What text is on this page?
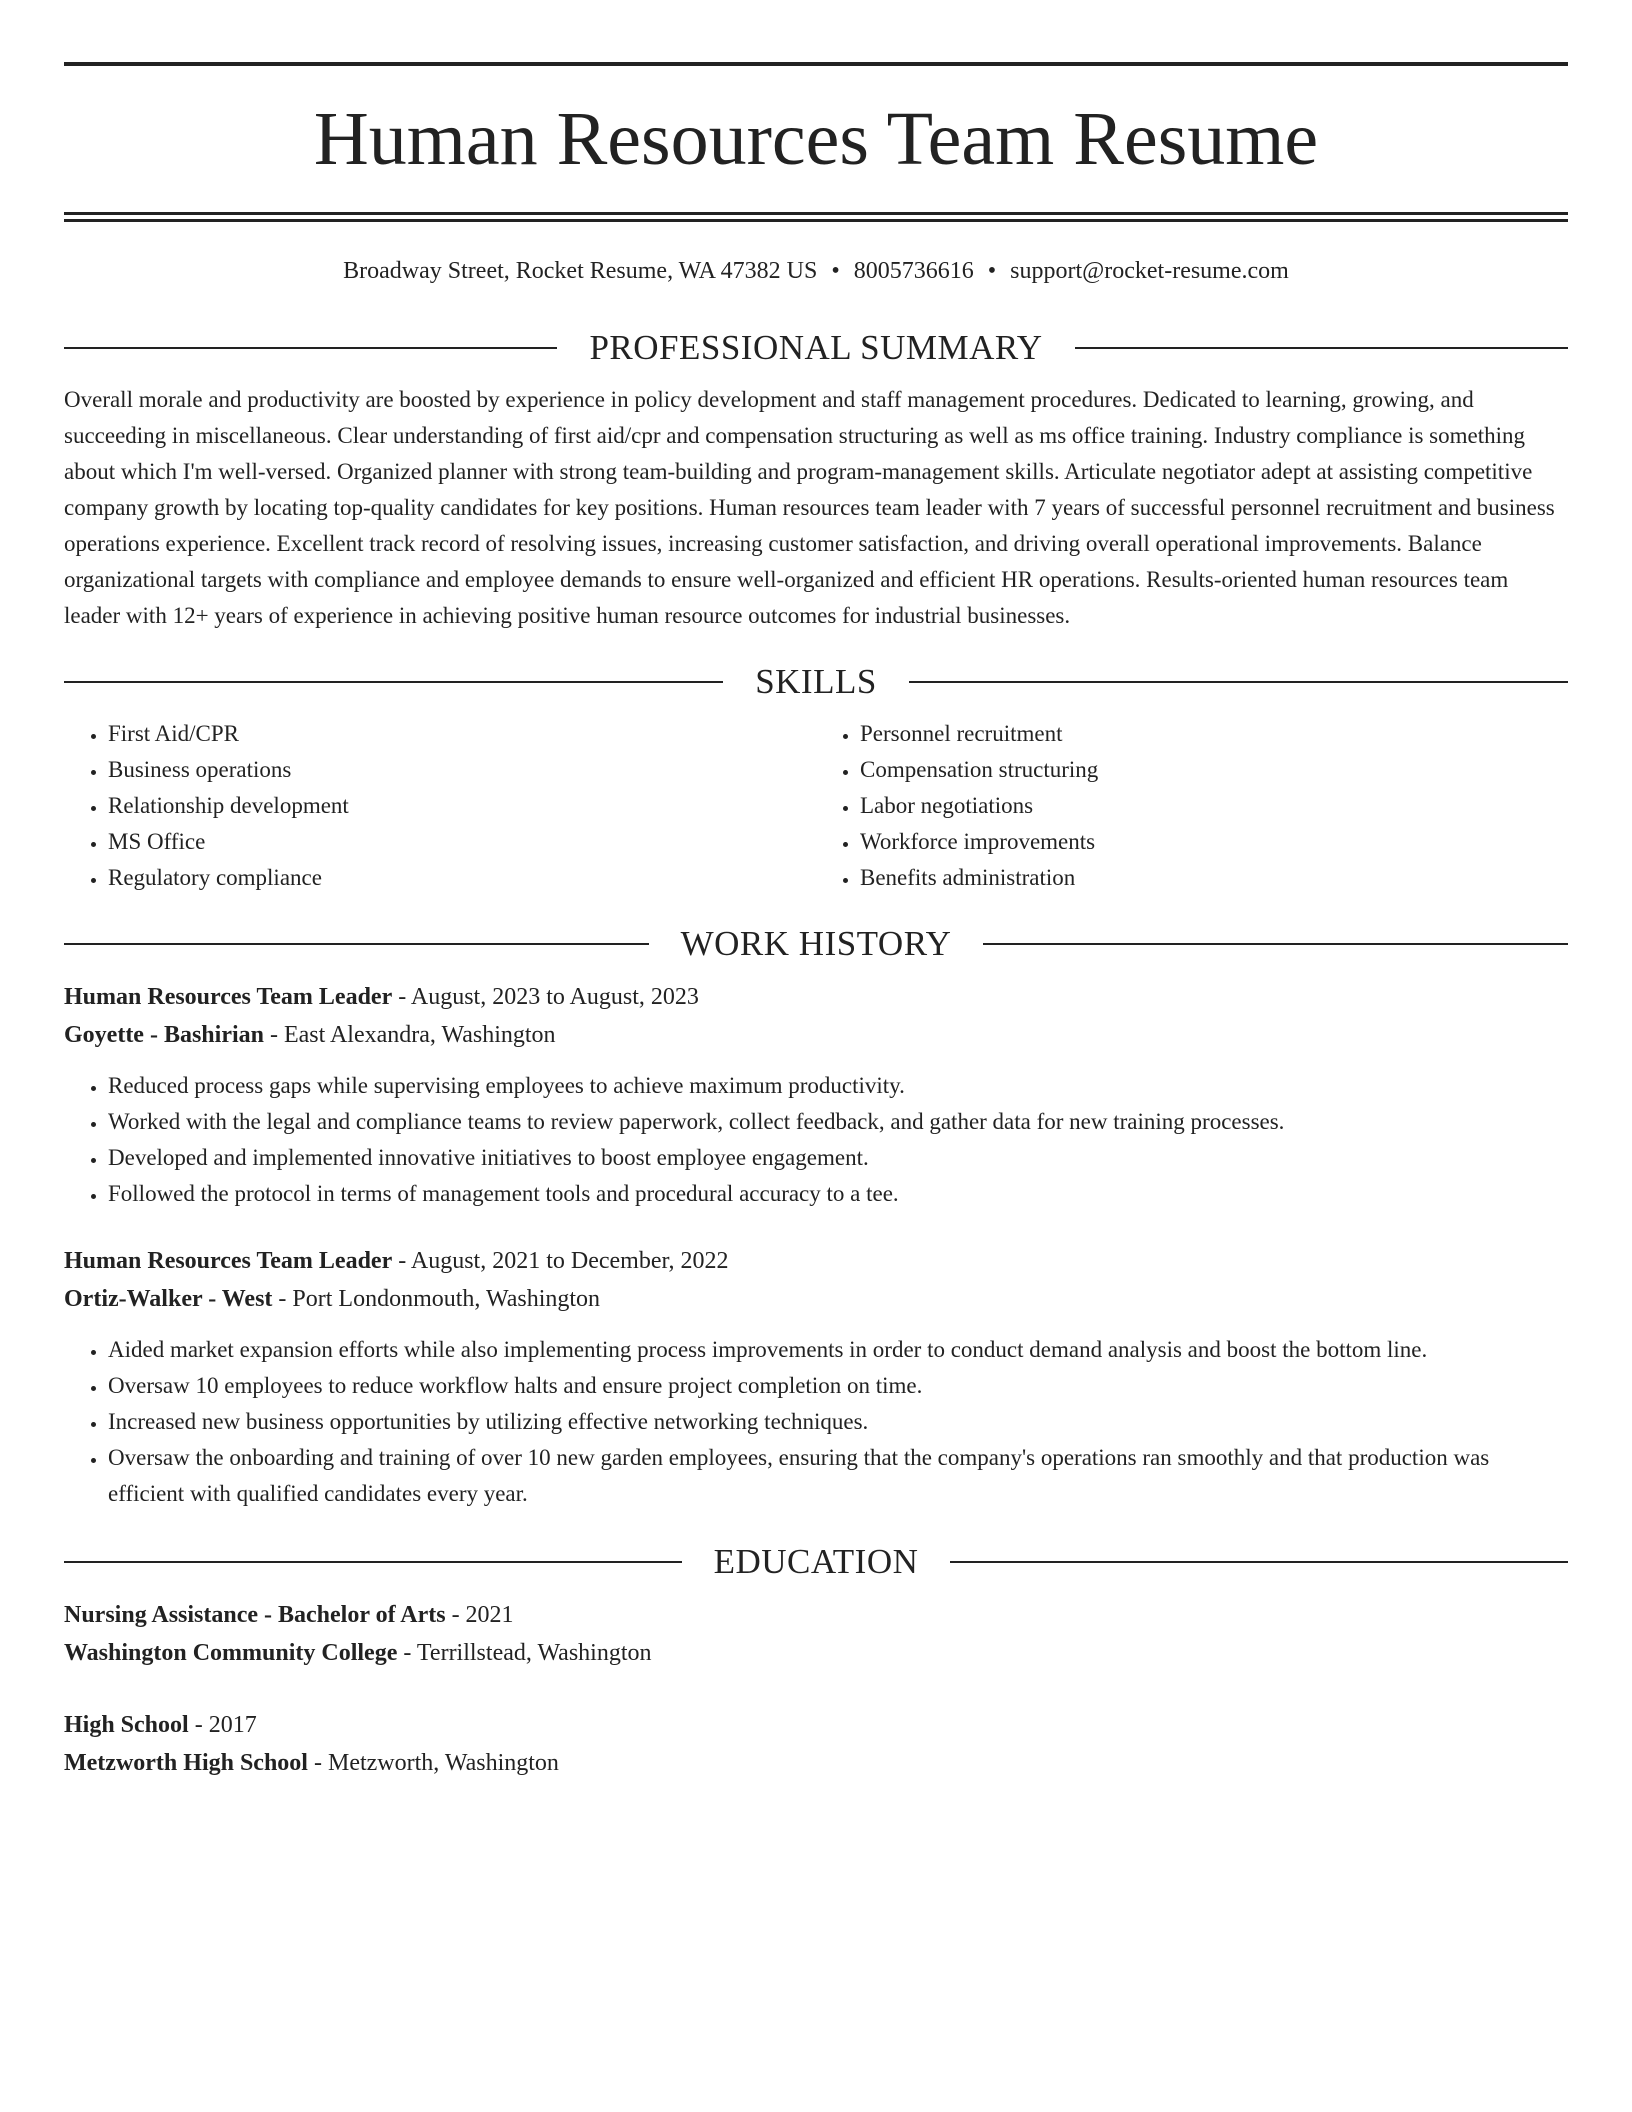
Human Resources Team Resume
Broadway Street, Rocket Resume, WA 47382 US • 8005736616 • support@rocket-resume.com
PROFESSIONAL SUMMARY

Overall morale and productivity are boosted by experience in policy development and staff management procedures. Dedicated to learning, growing, and succeeding in miscellaneous. Clear understanding of first aid/cpr and compensation structuring as well as ms office training. Industry compliance is something about which I'm well-versed. Organized planner with strong team-building and program-management skills. Articulate negotiator adept at assisting competitive company growth by locating top-quality candidates for key positions. Human resources team leader with 7 years of successful personnel recruitment and business operations experience. Excellent track record of resolving issues, increasing customer satisfaction, and driving overall operational improvements. Balance organizational targets with compliance and employee demands to ensure well-organized and efficient HR operations. Results-oriented human resources team leader with 12+ years of experience in achieving positive human resource outcomes for industrial businesses.

SKILLS
• First Aid/CPR
• Business operations
• Relationship development
• MS Office
• Regulatory compliance
• Personnel recruitment
• Compensation structuring
• Labor negotiations
• Workforce improvements
• Benefits administration
WORK HISTORY
Human Resources Team Leader - August, 2023 to August, 2023
Goyette - Bashirian - East Alexandra, Washington
• Reduced process gaps while supervising employees to achieve maximum productivity.
• Worked with the legal and compliance teams to review paperwork, collect feedback, and gather data for new training processes.
• Developed and implemented innovative initiatives to boost employee engagement.
• Followed the protocol in terms of management tools and procedural accuracy to a tee.
Human Resources Team Leader - August, 2021 to December, 2022
Ortiz-Walker - West - Port Londonmouth, Washington
• Aided market expansion efforts while also implementing process improvements in order to conduct demand analysis and boost the bottom line.
• Oversaw 10 employees to reduce workflow halts and ensure project completion on time.
• Increased new business opportunities by utilizing effective networking techniques.
• Oversaw the onboarding and training of over 10 new garden employees, ensuring that the company's operations ran smoothly and that production was efficient with qualified candidates every year.
EDUCATION
Nursing Assistance - Bachelor of Arts - 2021
Washington Community College - Terrillstead, Washington
High School - 2017
Metzworth High School - Metzworth, Washington
